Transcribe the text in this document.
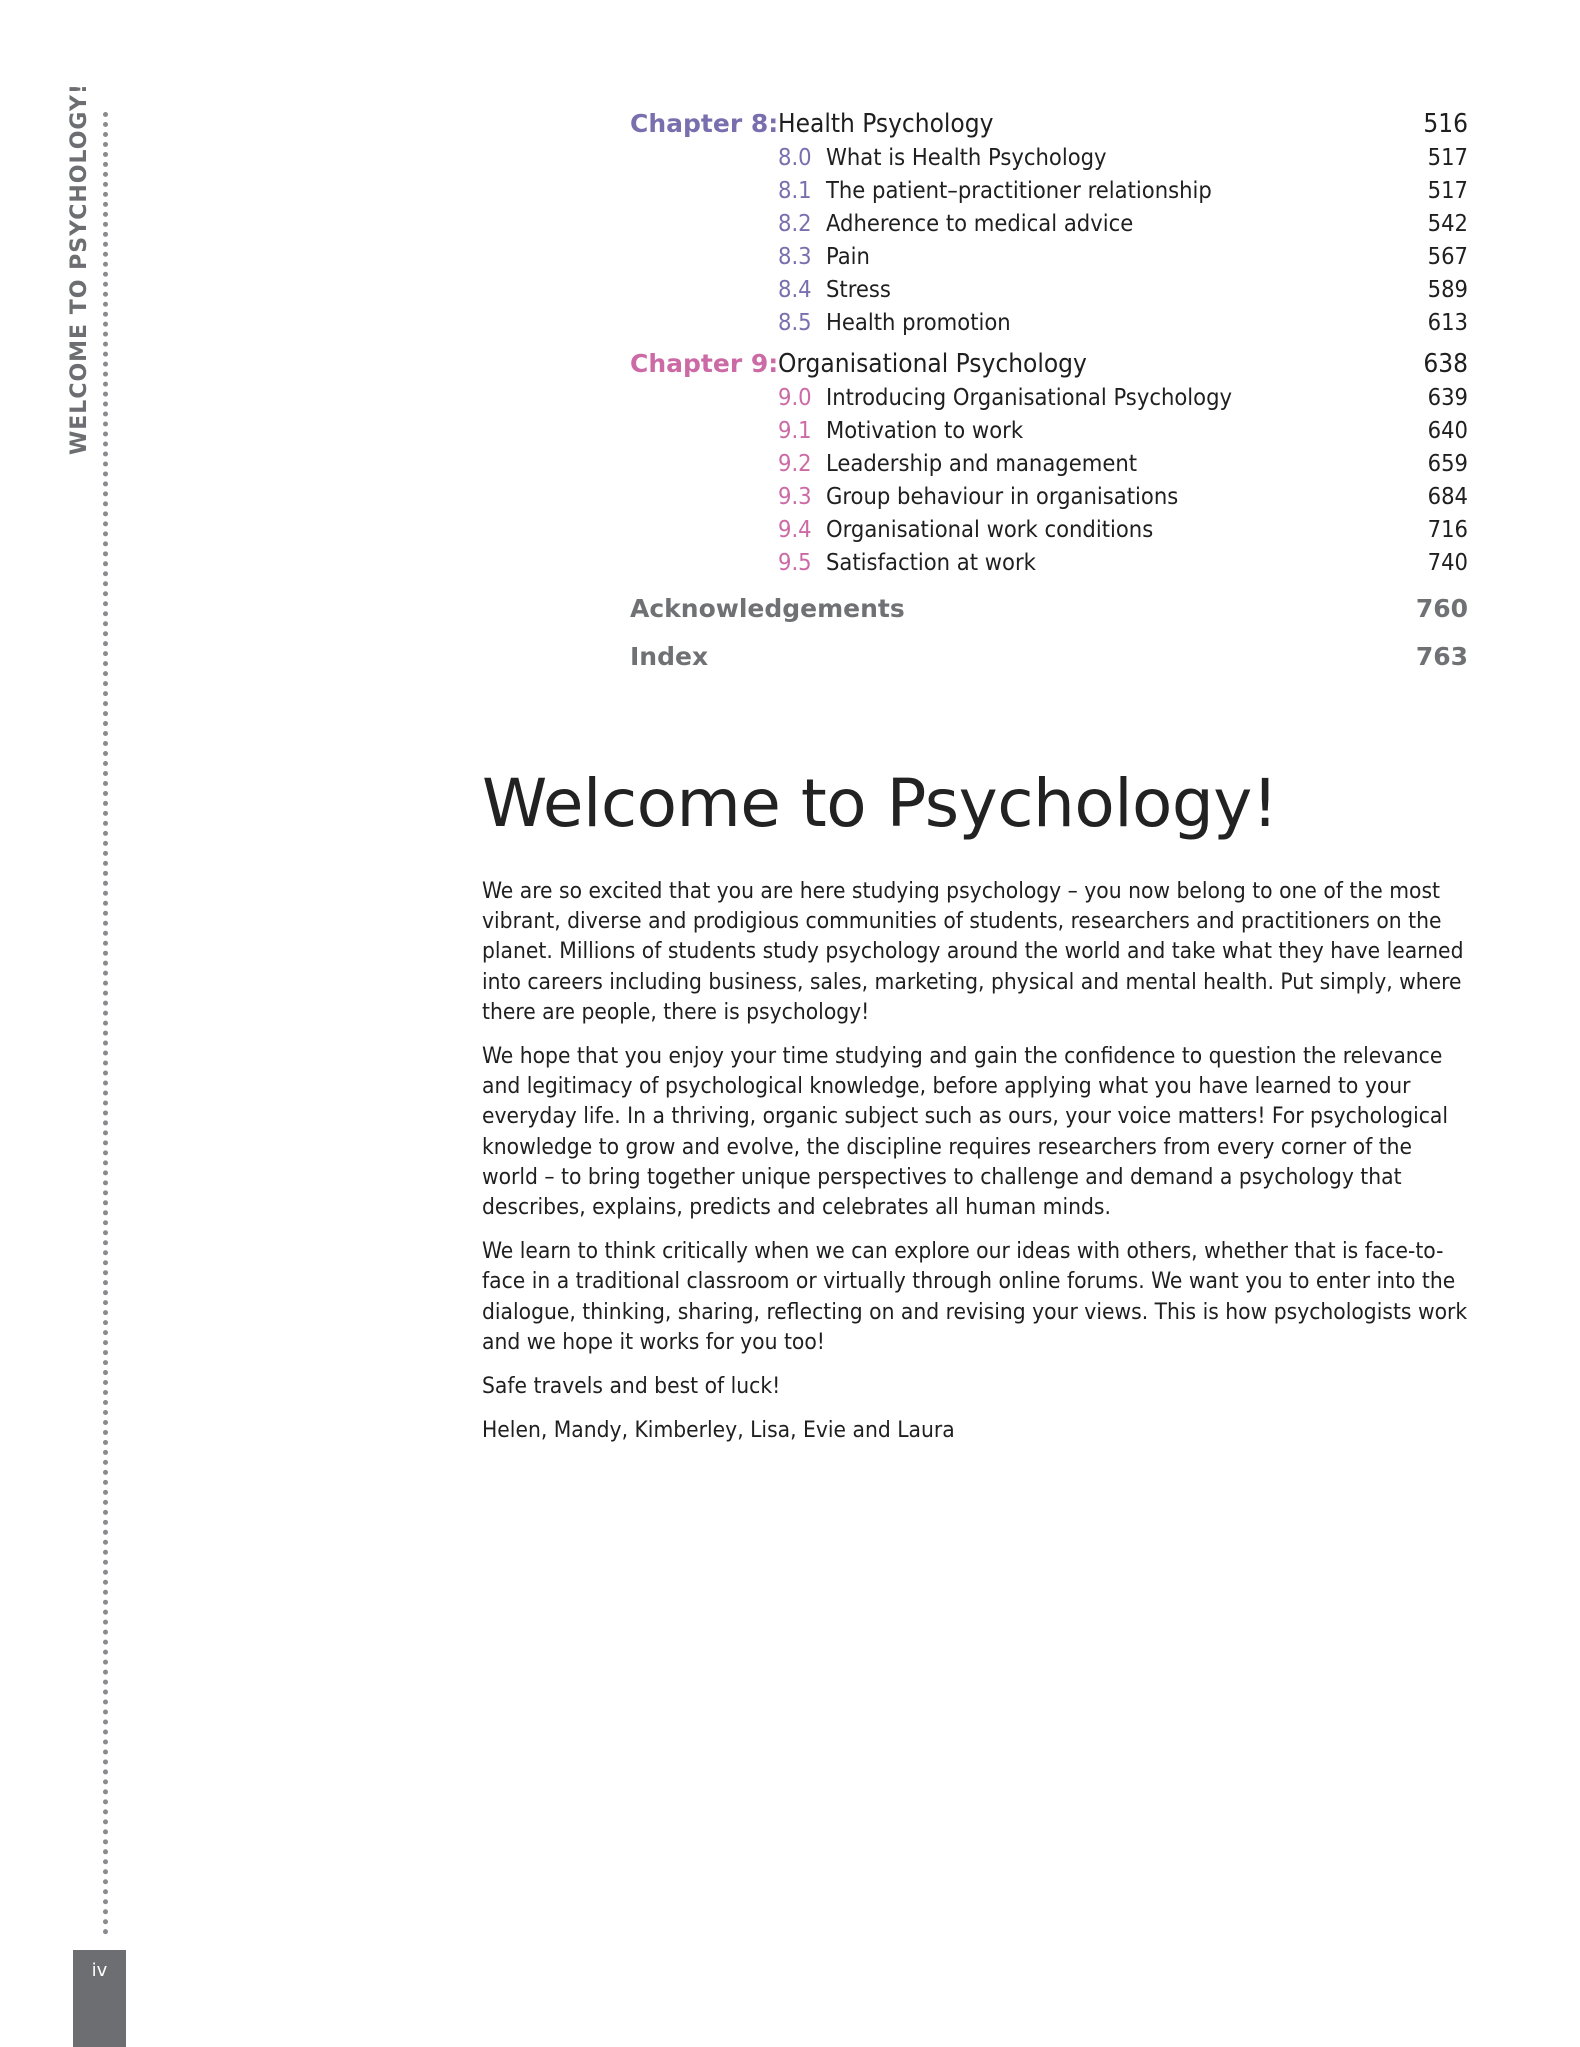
WELCOME TO PSYCHOLOGY!
iv
Chapter 8: Health Psychology	516
8.0 What is Health Psychology	517
8.1 The patient–practitioner relationship	517
8.2 Adherence to medical advice	542
8.3 Pain	567
8.4 Stress	589
8.5 Health promotion	613
Chapter 9: Organisational Psychology	638
9.0 Introducing Organisational Psychology	639
9.1 Motivation to work	640
9.2 Leadership and management	659
9.3 Group behaviour in organisations	684
9.4 Organisational work conditions	716
9.5 Satisfaction at work	740
Acknowledgements	760
Index	763
Welcome to Psychology!

We are so excited that you are here studying psychology – you now belong to one of the most vibrant, diverse and prodigious communities of students, researchers and practitioners on the planet. Millions of students study psychology around the world and take what they have learned into careers including business, sales, marketing, physical and mental health. Put simply, where there are people, there is psychology!

We hope that you enjoy your time studying and gain the confidence to question the relevance and legitimacy of psychological knowledge, before applying what you have learned to your everyday life. In a thriving, organic subject such as ours, your voice matters! For psychological knowledge to grow and evolve, the discipline requires researchers from every corner of the world – to bring together unique perspectives to challenge and demand a psychology that describes, explains, predicts and celebrates all human minds.

We learn to think critically when we can explore our ideas with others, whether that is face-to-face in a traditional classroom or virtually through online forums. We want you to enter into the dialogue, thinking, sharing, reflecting on and revising your views. This is how psychologists work and we hope it works for you too!

Safe travels and best of luck!

Helen, Mandy, Kimberley, Lisa, Evie and Laura
